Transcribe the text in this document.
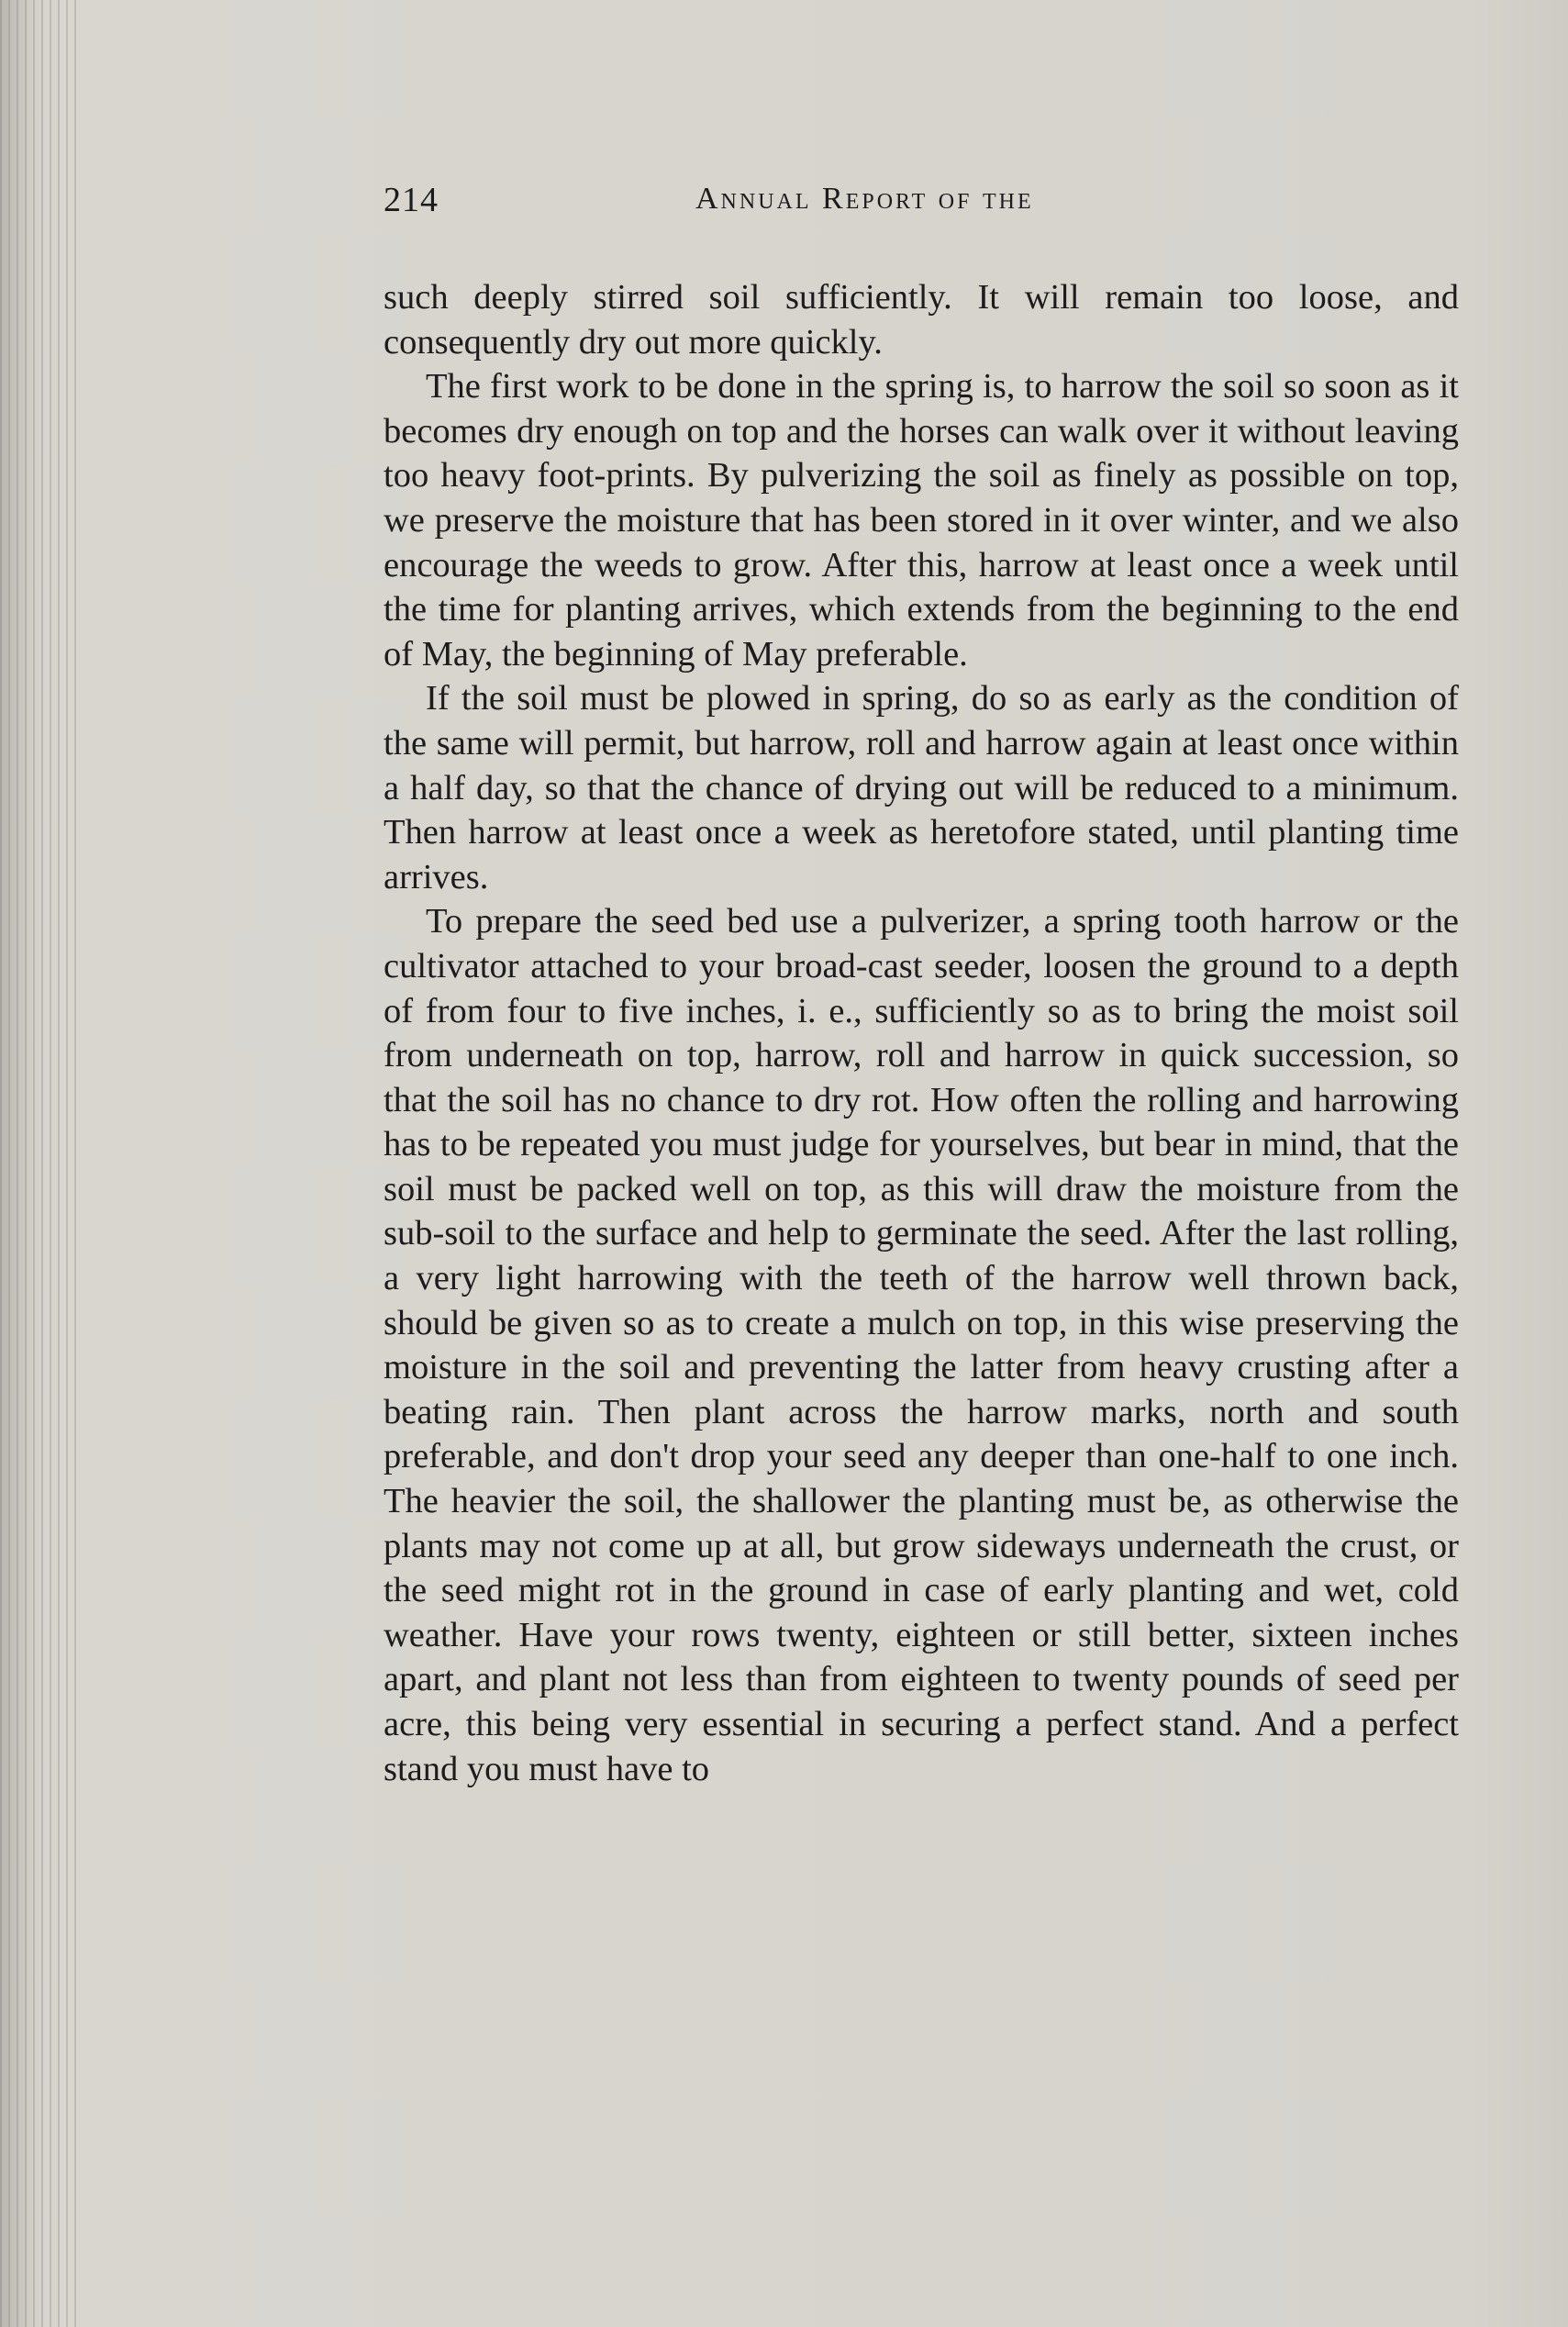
214	Annual Report of the

such deeply stirred soil sufficiently. It will remain too loose, and consequently dry out more quickly.

The first work to be done in the spring is, to harrow the soil so soon as it becomes dry enough on top and the horses can walk over it without leaving too heavy foot-prints. By pulverizing the soil as finely as possible on top, we preserve the moisture that has been stored in it over winter, and we also encourage the weeds to grow. After this, harrow at least once a week until the time for planting arrives, which extends from the beginning to the end of May, the beginning of May preferable.

If the soil must be plowed in spring, do so as early as the condition of the same will permit, but harrow, roll and harrow again at least once within a half day, so that the chance of drying out will be reduced to a minimum. Then harrow at least once a week as heretofore stated, until planting time arrives.

To prepare the seed bed use a pulverizer, a spring tooth harrow or the cultivator attached to your broad-cast seeder, loosen the ground to a depth of from four to five inches, i. e., sufficiently so as to bring the moist soil from underneath on top, harrow, roll and harrow in quick succession, so that the soil has no chance to dry rot. How often the rolling and harrowing has to be repeated you must judge for yourselves, but bear in mind, that the soil must be packed well on top, as this will draw the moisture from the sub-soil to the surface and help to germinate the seed. After the last rolling, a very light harrowing with the teeth of the harrow well thrown back, should be given so as to create a mulch on top, in this wise preserving the moisture in the soil and preventing the latter from heavy crusting after a beating rain. Then plant across the harrow marks, north and south preferable, and don't drop your seed any deeper than one-half to one inch. The heavier the soil, the shallower the planting must be, as otherwise the plants may not come up at all, but grow sideways underneath the crust, or the seed might rot in the ground in case of early planting and wet, cold weather. Have your rows twenty, eighteen or still better, sixteen inches apart, and plant not less than from eighteen to twenty pounds of seed per acre, this being very essential in securing a perfect stand. And a perfect stand you must have to
